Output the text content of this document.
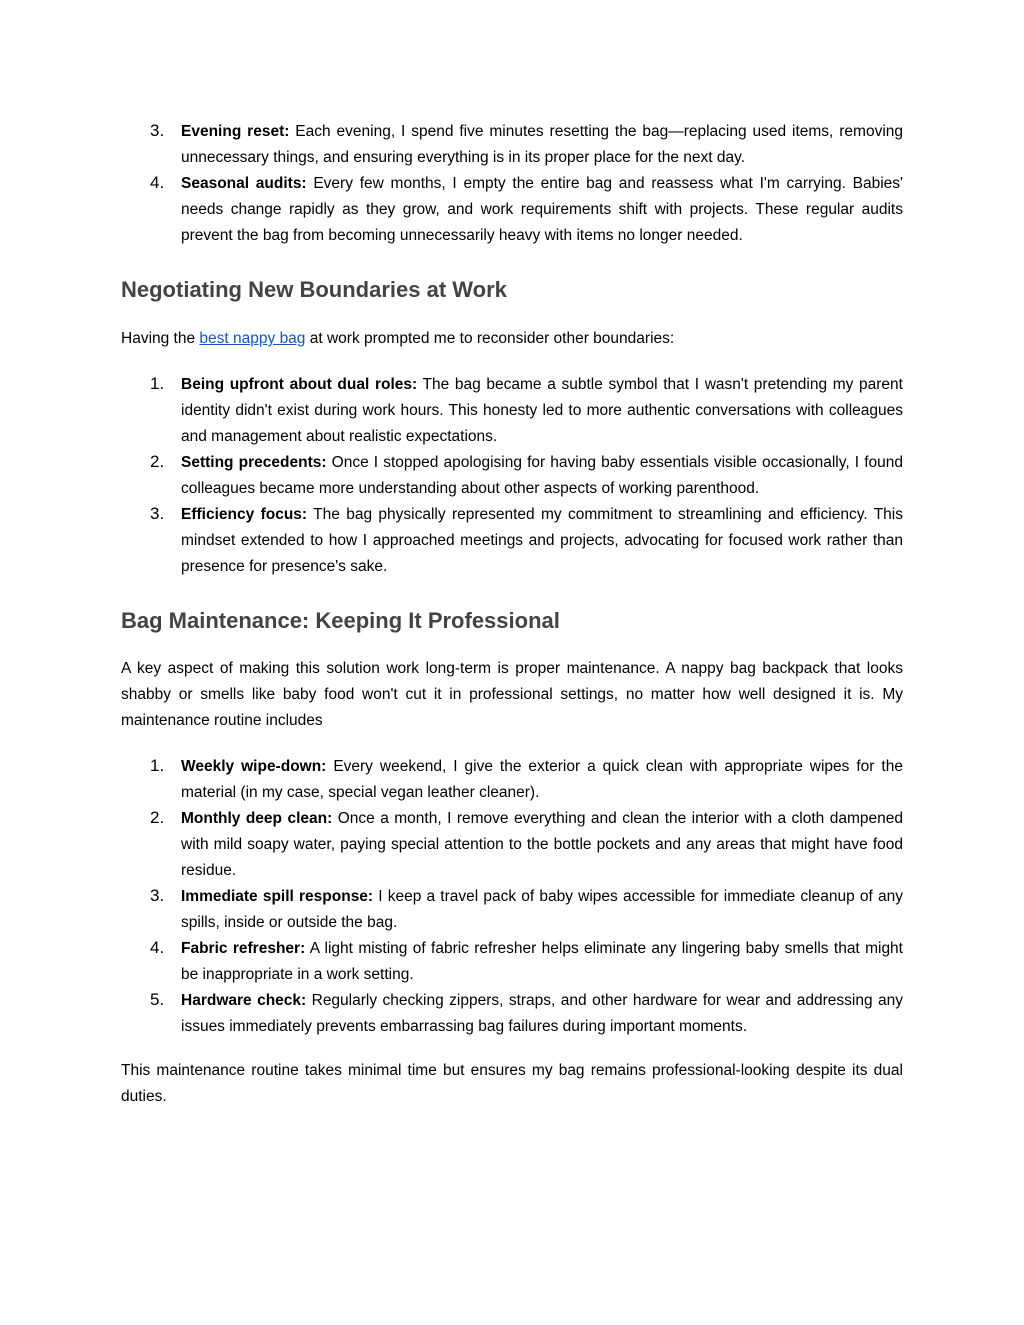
3. Evening reset: Each evening, I spend five minutes resetting the bag—replacing used items, removing unnecessary things, and ensuring everything is in its proper place for the next day.
4. Seasonal audits: Every few months, I empty the entire bag and reassess what I'm carrying. Babies' needs change rapidly as they grow, and work requirements shift with projects. These regular audits prevent the bag from becoming unnecessarily heavy with items no longer needed.
Negotiating New Boundaries at Work

Having the best nappy bag at work prompted me to reconsider other boundaries:

1. Being upfront about dual roles: The bag became a subtle symbol that I wasn't pretending my parent identity didn't exist during work hours. This honesty led to more authentic conversations with colleagues and management about realistic expectations.
2. Setting precedents: Once I stopped apologising for having baby essentials visible occasionally, I found colleagues became more understanding about other aspects of working parenthood.
3. Efficiency focus: The bag physically represented my commitment to streamlining and efficiency. This mindset extended to how I approached meetings and projects, advocating for focused work rather than presence for presence's sake.
Bag Maintenance: Keeping It Professional

A key aspect of making this solution work long-term is proper maintenance. A nappy bag backpack that looks shabby or smells like baby food won't cut it in professional settings, no matter how well designed it is. My maintenance routine includes

1. Weekly wipe-down: Every weekend, I give the exterior a quick clean with appropriate wipes for the material (in my case, special vegan leather cleaner).
2. Monthly deep clean: Once a month, I remove everything and clean the interior with a cloth dampened with mild soapy water, paying special attention to the bottle pockets and any areas that might have food residue.
3. Immediate spill response: I keep a travel pack of baby wipes accessible for immediate cleanup of any spills, inside or outside the bag.
4. Fabric refresher: A light misting of fabric refresher helps eliminate any lingering baby smells that might be inappropriate in a work setting.
5. Hardware check: Regularly checking zippers, straps, and other hardware for wear and addressing any issues immediately prevents embarrassing bag failures during important moments.

This maintenance routine takes minimal time but ensures my bag remains professional-looking despite its dual duties.
